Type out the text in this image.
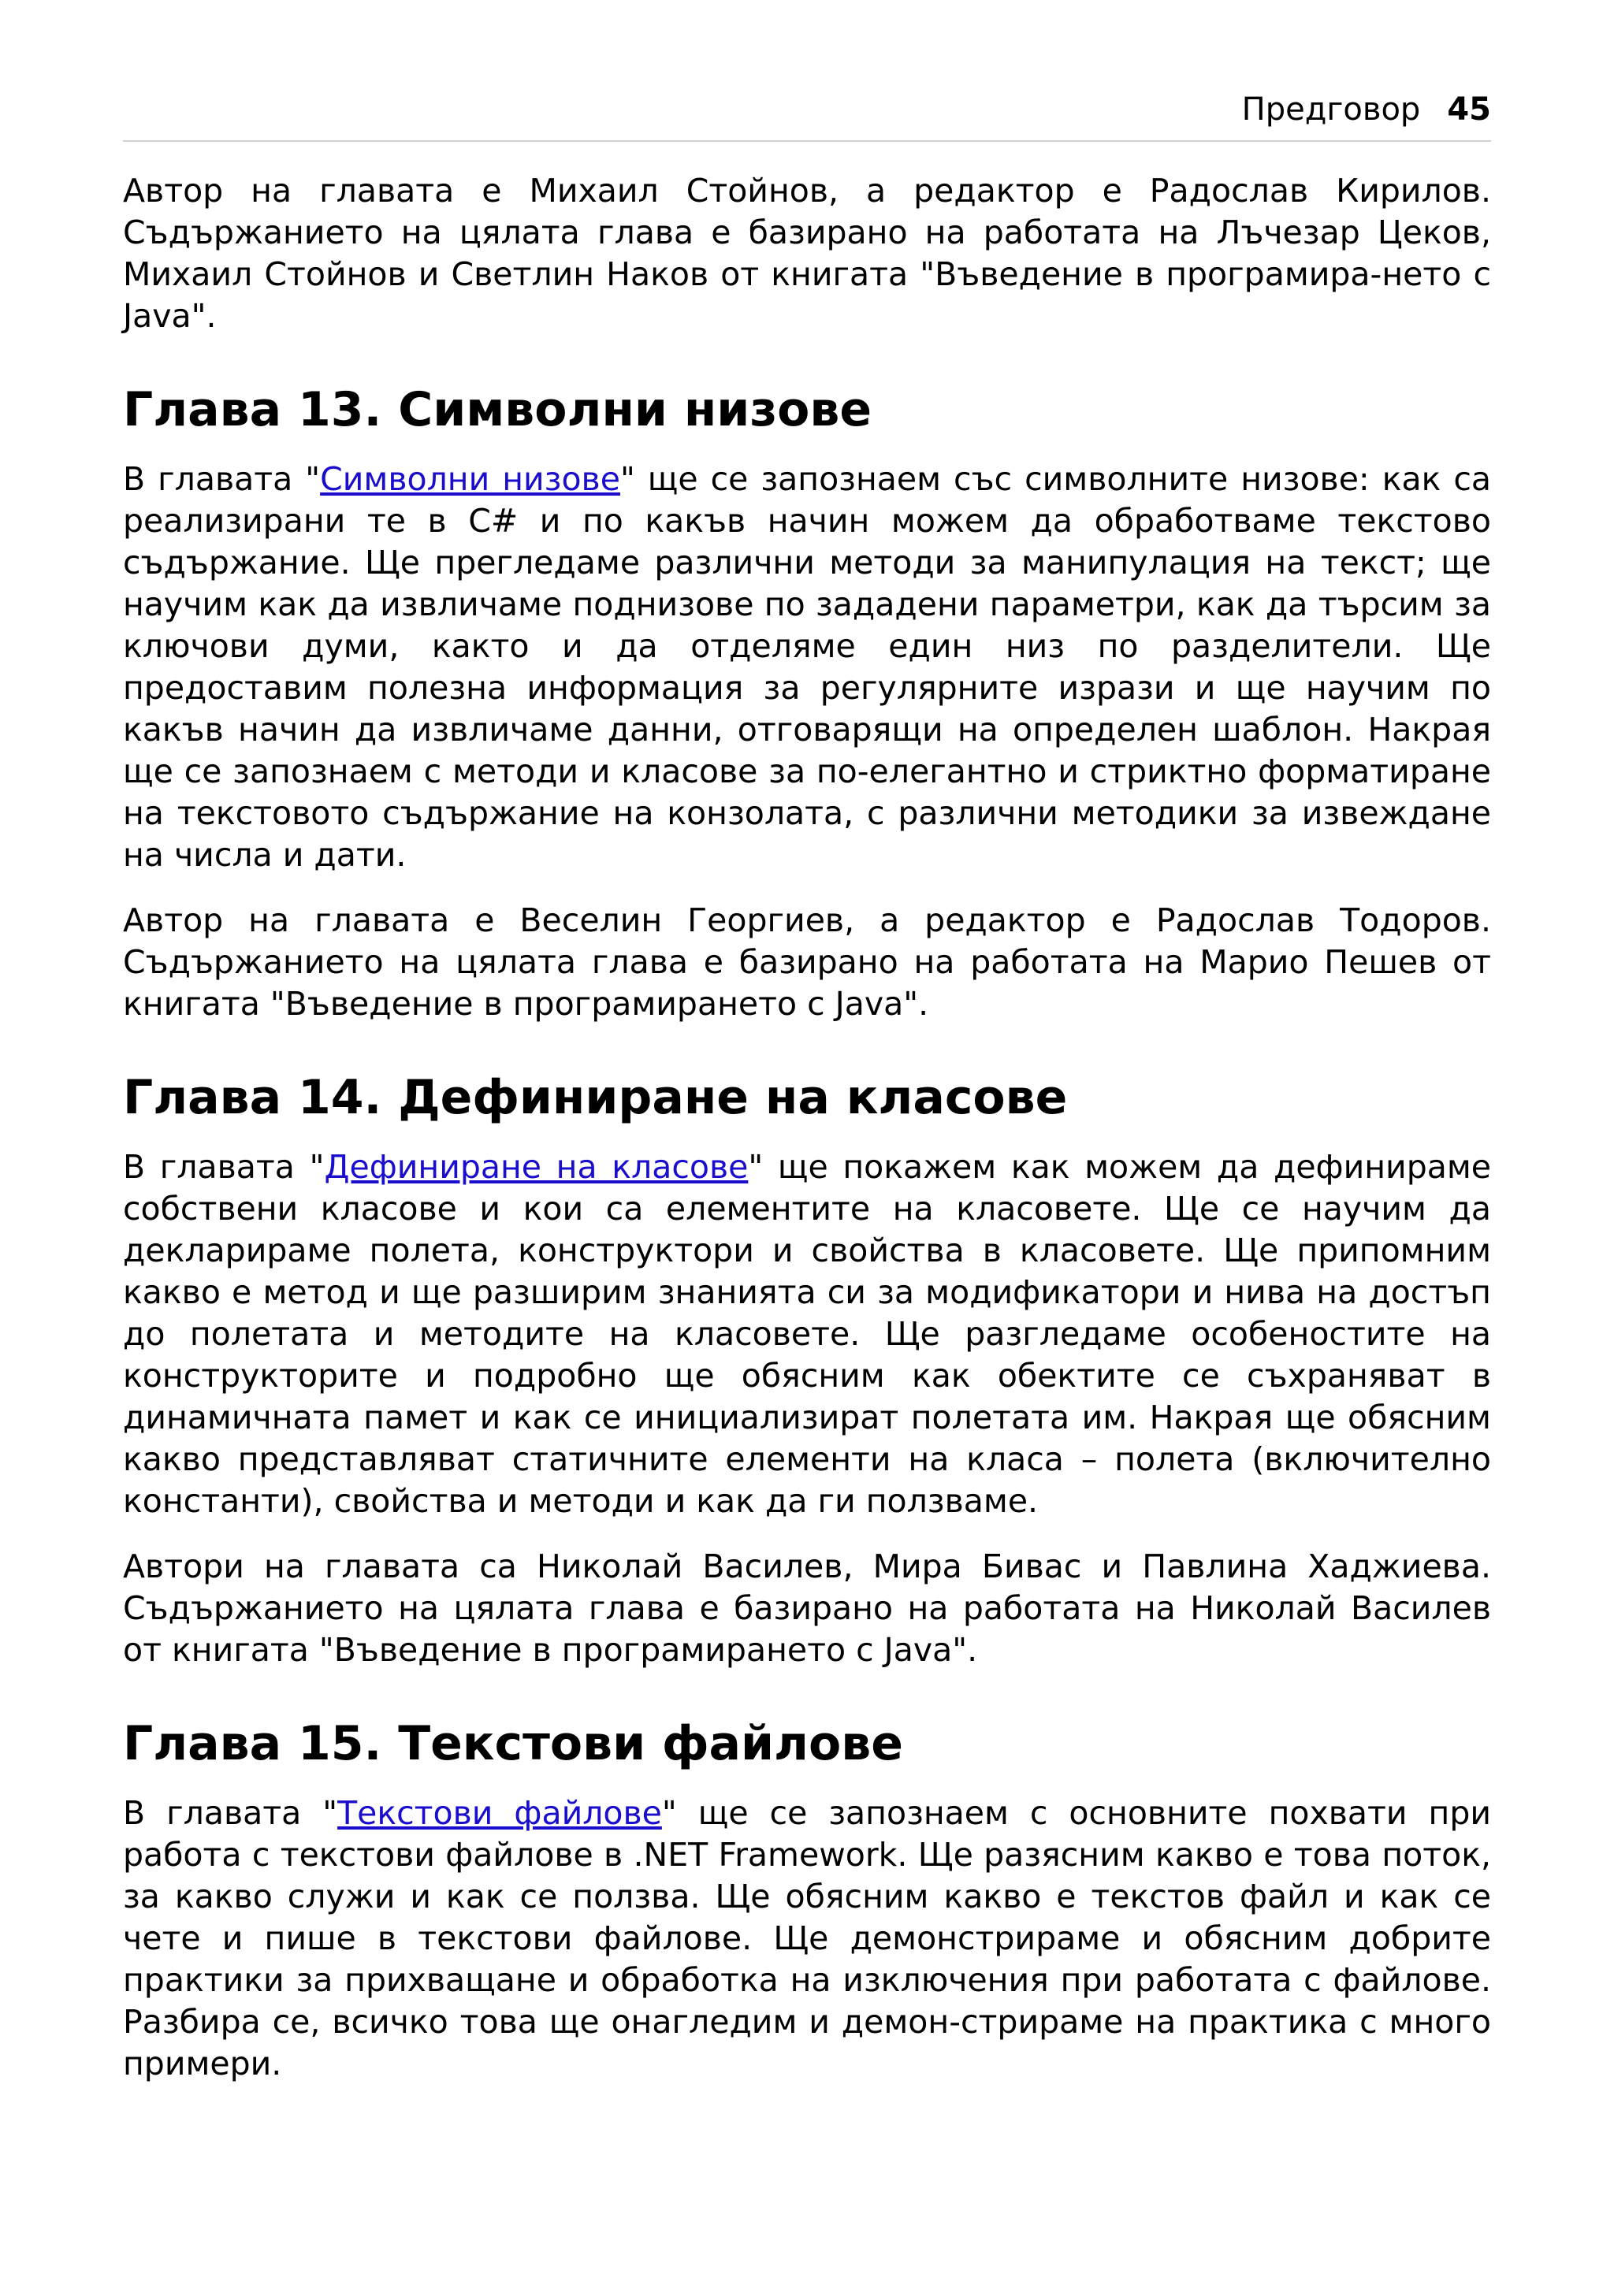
Предговор 45

Автор на главата е Михаил Стойнов, а редактор е Радослав Кирилов. Съдържанието на цялата глава е базирано на работата на Лъчезар Цеков, Михаил Стойнов и Светлин Наков от книгата "Въведение в програмира-нето с Java".

Глава 13. Символни низове

В главата "Символни низове" ще се запознаем със символните низове: как са реализирани те в C# и по какъв начин можем да обработваме текстово съдържание. Ще прегледаме различни методи за манипулация на текст; ще научим как да извличаме поднизове по зададени параметри, как да търсим за ключови думи, както и да отделяме един низ по разделители. Ще предоставим полезна информация за регулярните изрази и ще научим по какъв начин да извличаме данни, отговарящи на определен шаблон. Накрая ще се запознаем с методи и класове за по-елегантно и стриктно форматиране на текстовото съдържание на конзолата, с различни методики за извеждане на числа и дати.

Автор на главата е Веселин Георгиев, а редактор е Радослав Тодоров. Съдържанието на цялата глава е базирано на работата на Марио Пешев от книгата "Въведение в програмирането с Java".

Глава 14. Дефиниране на класове

В главата "Дефиниране на класове" ще покажем как можем да дефинираме собствени класове и кои са елементите на класовете. Ще се научим да декларираме полета, конструктори и свойства в класовете. Ще припомним какво е метод и ще разширим знанията си за модификатори и нива на достъп до полетата и методите на класовете. Ще разгледаме особеностите на конструкторите и подробно ще обясним как обектите се съхраняват в динамичната памет и как се инициализират полетата им. Накрая ще обясним какво представляват статичните елементи на класа – полета (включително константи), свойства и методи и как да ги ползваме.

Автори на главата са Николай Василев, Мира Бивас и Павлина Хаджиева. Съдържанието на цялата глава е базирано на работата на Николай Василев от книгата "Въведение в програмирането с Java".

Глава 15. Текстови файлове

В главата "Текстови файлове" ще се запознаем с основните похвати при работа с текстови файлове в .NET Framework. Ще разясним какво е това поток, за какво служи и как се ползва. Ще обясним какво е текстов файл и как се чете и пише в текстови файлове. Ще демонстрираме и обясним добрите практики за прихващане и обработка на изключения при работата с файлове. Разбира се, всичко това ще онагледим и демон-стрираме на практика с много примери.
